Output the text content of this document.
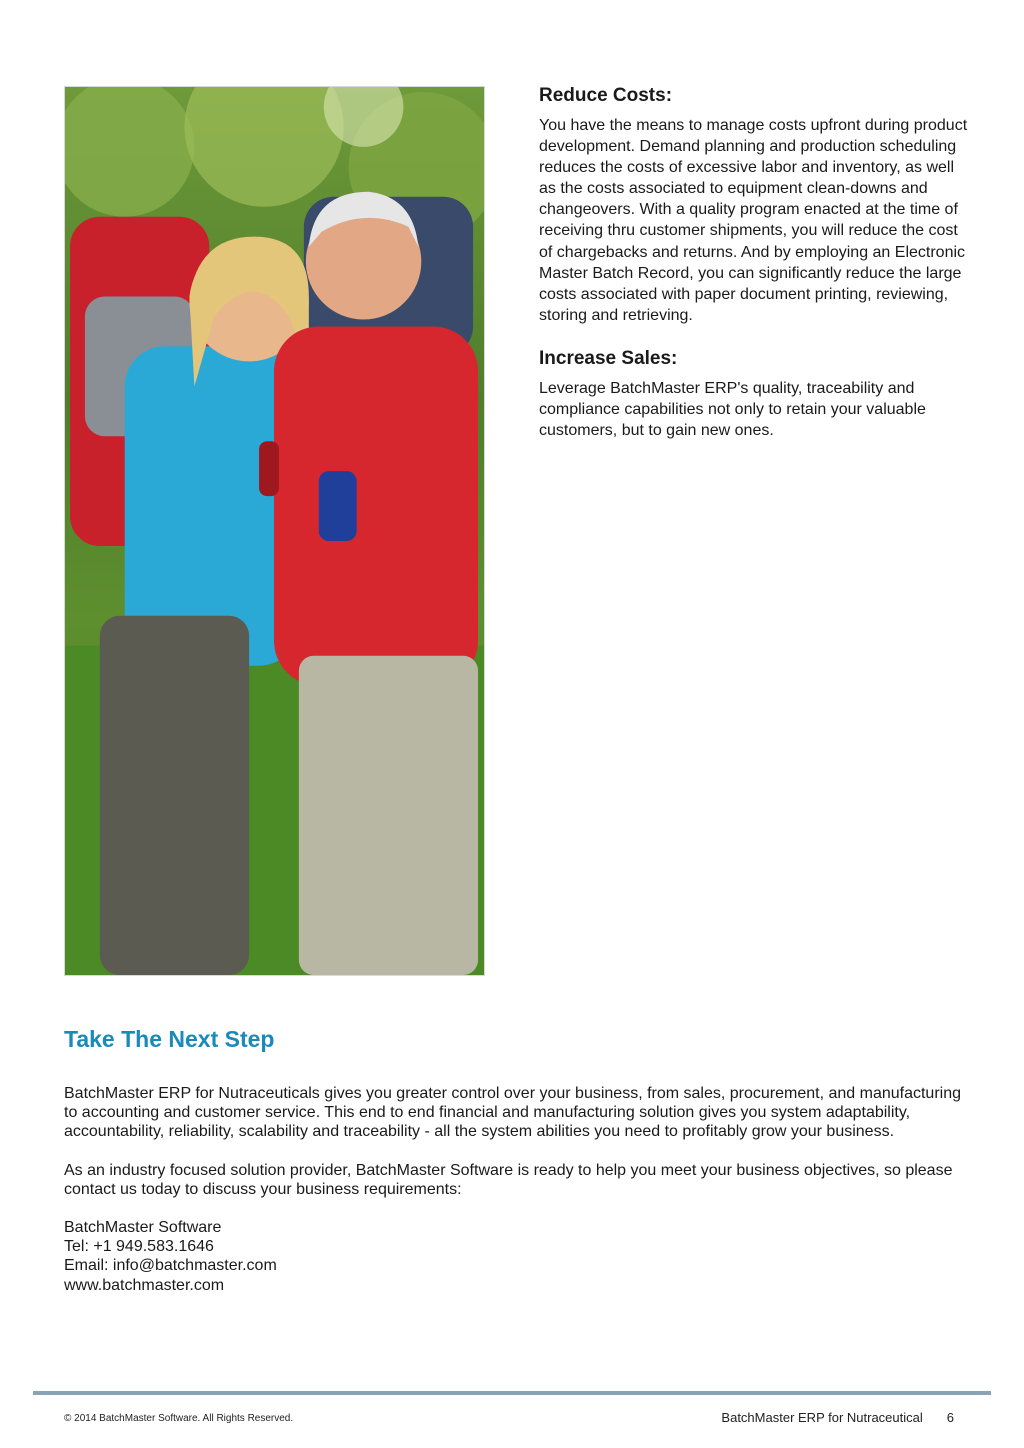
Reduce Costs:

You have the means to manage costs upfront during product development. Demand planning and production scheduling reduces the costs of excessive labor and inventory, as well as the costs associated to equipment clean-downs and changeovers. With a quality program enacted at the time of receiving thru customer shipments, you will reduce the cost of chargebacks and returns. And by employing an Electronic Master Batch Record, you can significantly reduce the large costs associated with paper document printing, reviewing, storing and retrieving.

Increase Sales:

Leverage BatchMaster ERP's quality, traceability and compliance capabilities not only to retain your valuable customers, but to gain new ones.

Take The Next Step

BatchMaster ERP for Nutraceuticals gives you greater control over your business, from sales, procurement, and manufacturing to accounting and customer service. This end to end financial and manufacturing solution gives you system adaptability, accountability, reliability, scalability and traceability - all the system abilities you need to profitably grow your business.

As an industry focused solution provider, BatchMaster Software is ready to help you meet your business objectives, so please contact us today to discuss your business requirements:

BatchMaster Software
Tel: +1 949.583.1646
Email: info@batchmaster.com
www.batchmaster.com
© 2014 BatchMaster Software. All Rights Reserved.	BatchMaster ERP for Nutraceutical 6
